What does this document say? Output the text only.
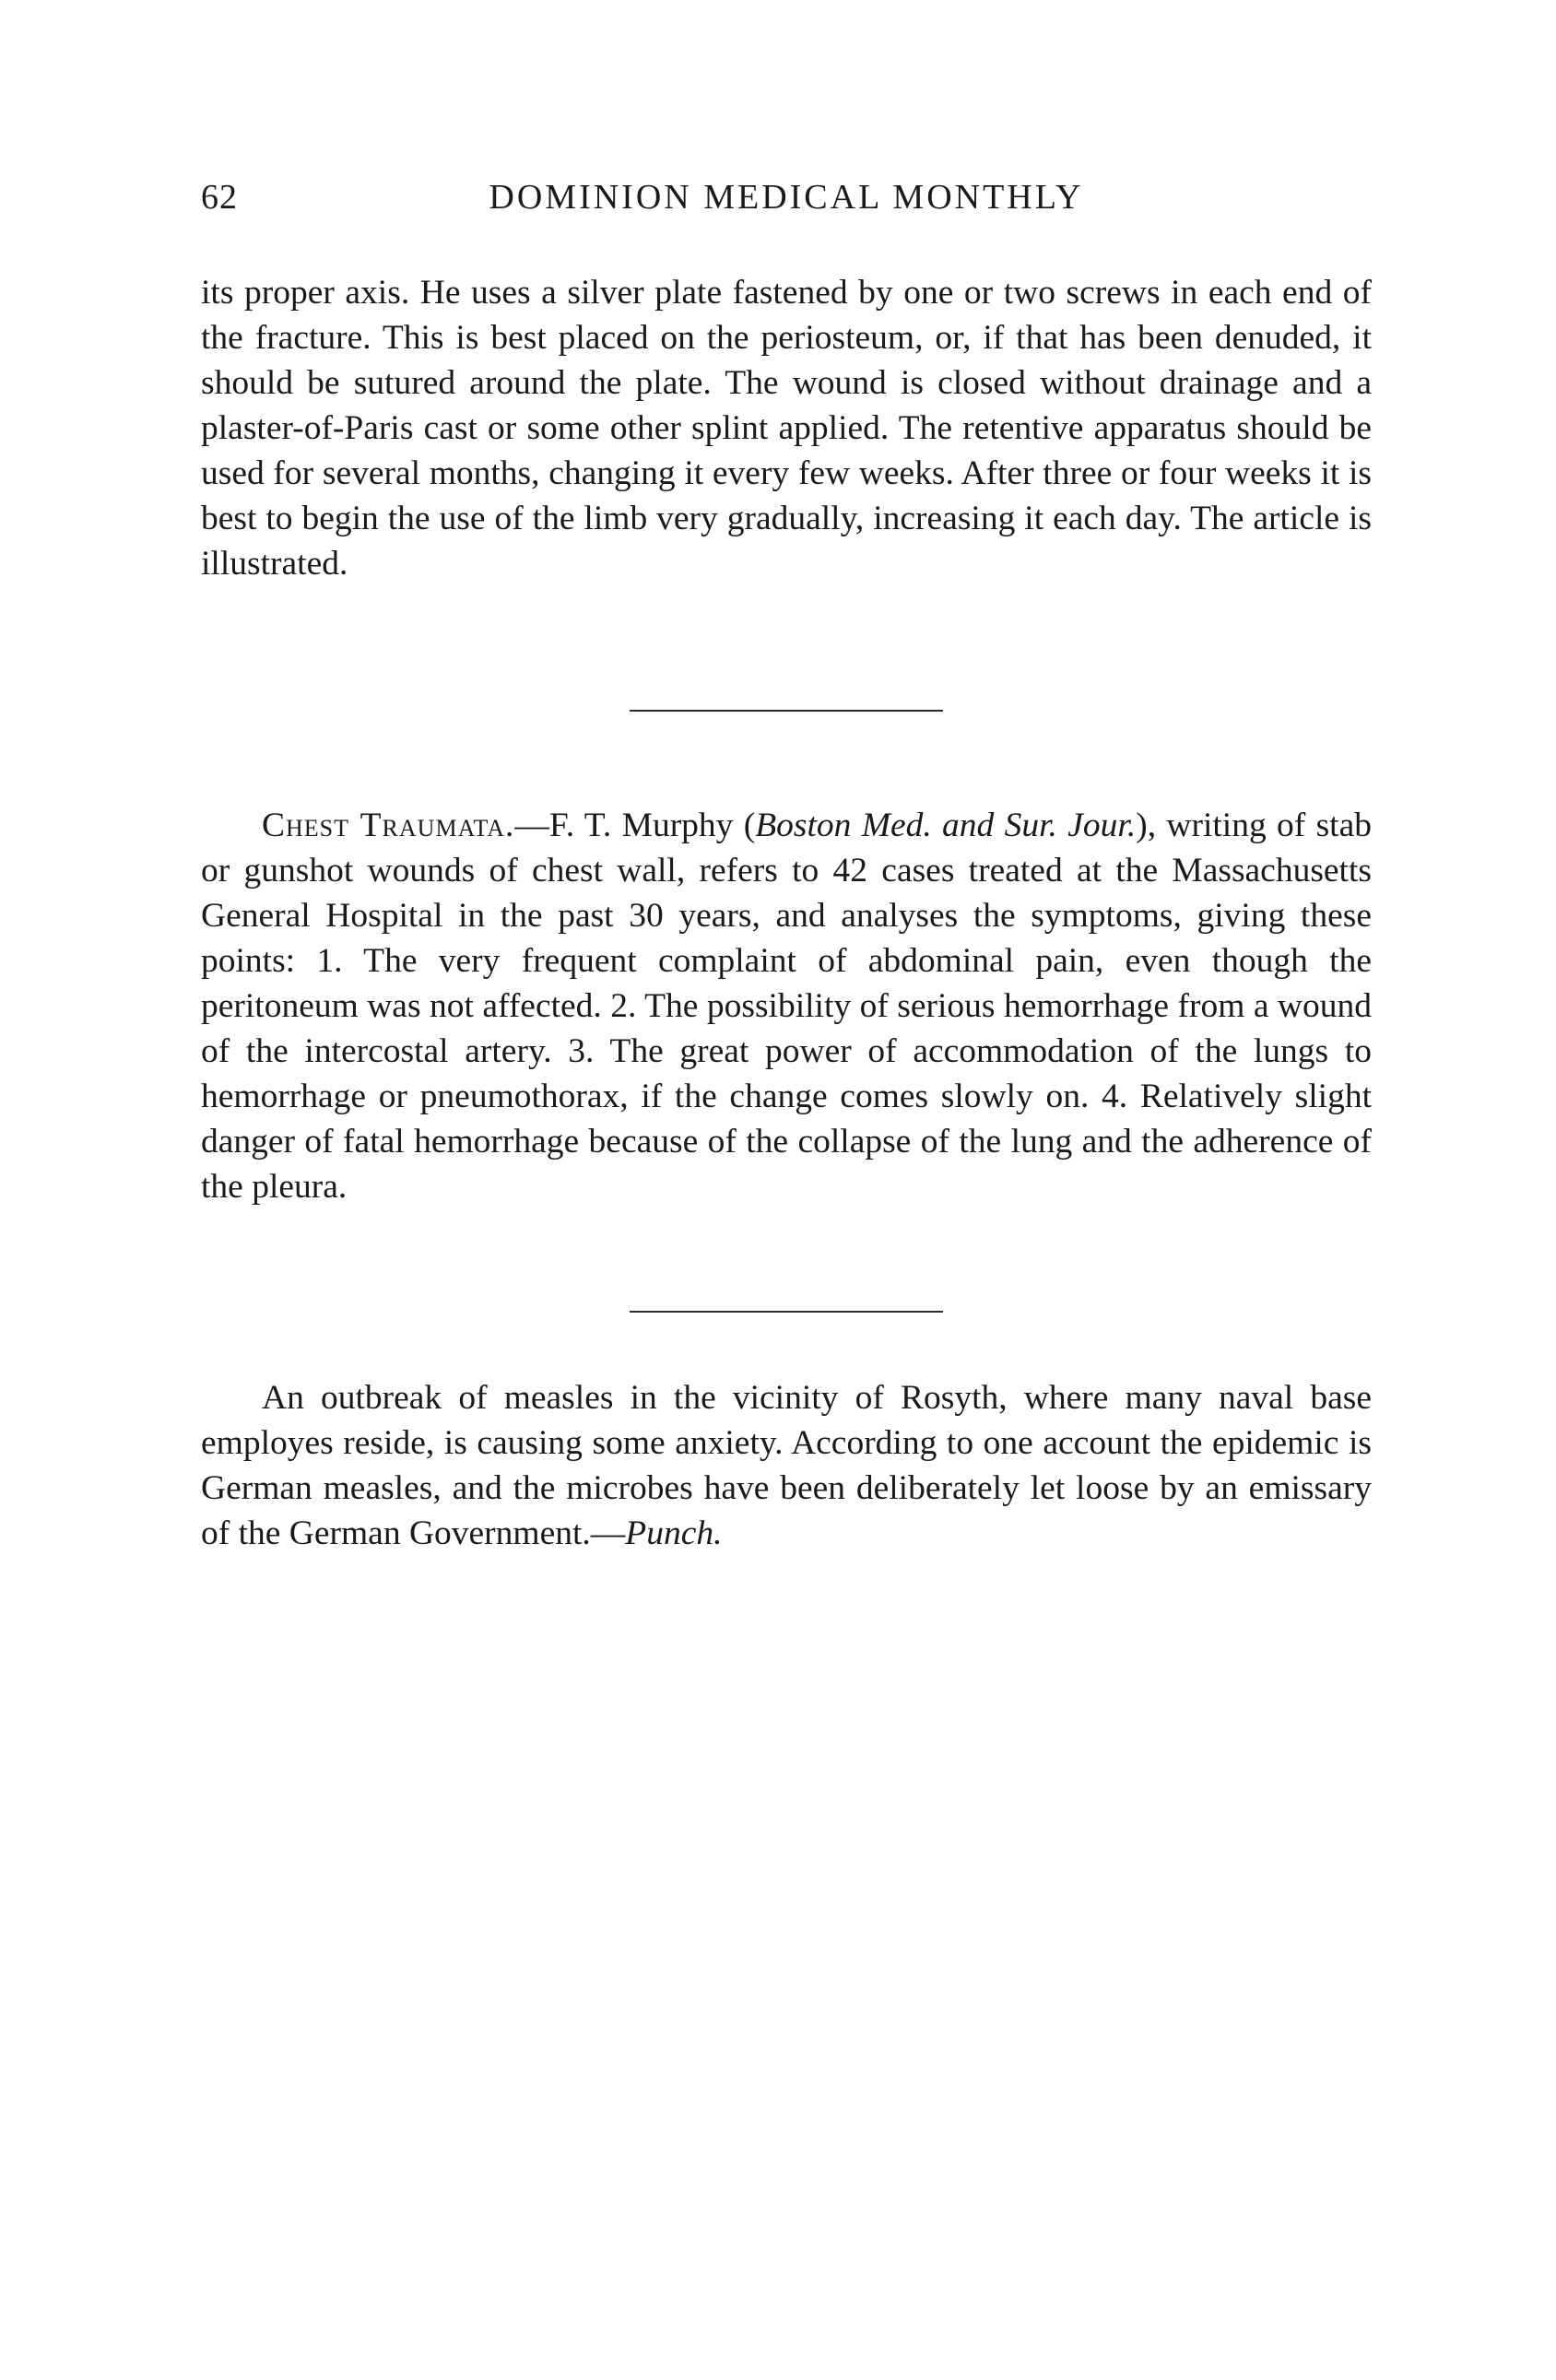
62	DOMINION MEDICAL MONTHLY

its proper axis. He uses a silver plate fastened by one or two screws in each end of the fracture. This is best placed on the periosteum, or, if that has been denuded, it should be sutured around the plate. The wound is closed without drainage and a plaster-of-Paris cast or some other splint applied. The retentive apparatus should be used for several months, changing it every few weeks. After three or four weeks it is best to begin the use of the limb very gradually, increasing it each day. The article is illustrated.

Chest Traumata.—F. T. Murphy (Boston Med. and Sur. Jour.), writing of stab or gunshot wounds of chest wall, refers to 42 cases treated at the Massachusetts General Hospital in the past 30 years, and analyses the symptoms, giving these points: 1. The very frequent complaint of abdominal pain, even though the peritoneum was not affected. 2. The possibility of serious hemorrhage from a wound of the intercostal artery. 3. The great power of accommodation of the lungs to hemorrhage or pneumothorax, if the change comes slowly on. 4. Relatively slight danger of fatal hemorrhage because of the collapse of the lung and the adherence of the pleura.

An outbreak of measles in the vicinity of Rosyth, where many naval base employes reside, is causing some anxiety. According to one account the epidemic is German measles, and the microbes have been deliberately let loose by an emissary of the German Government.—Punch.
